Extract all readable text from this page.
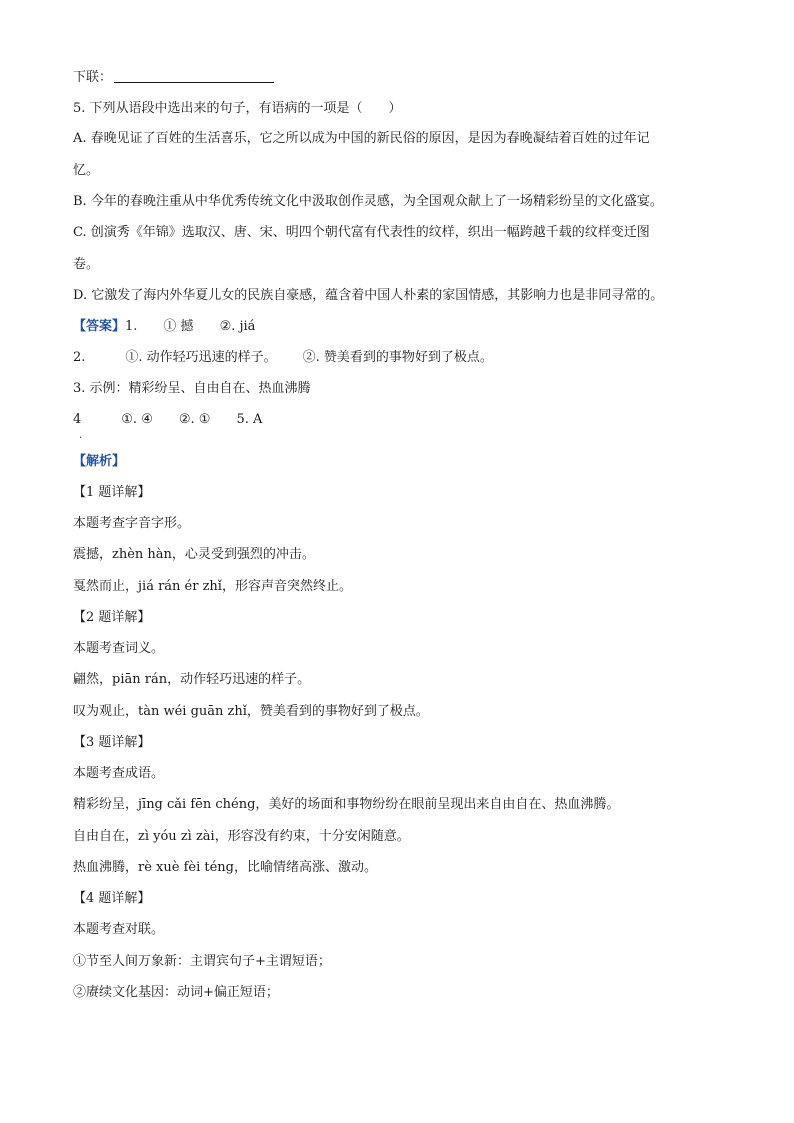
下联：
5. 下列从语段中选出来的句子，有语病的一项是（　　）
A. 春晚见证了百姓的生活喜乐，它之所以成为中国的新民俗的原因，是因为春晚凝结着百姓的过年记
忆。
B. 今年的春晚注重从中华优秀传统文化中汲取创作灵感，为全国观众献上了一场精彩纷呈的文化盛宴。
C. 创演秀《年锦》选取汉、唐、宋、明四个朝代富有代表性的纹样，织出一幅跨越千载的纹样变迁图
卷。
D. 它激发了海内外华夏儿女的民族自豪感，蕴含着中国人朴素的家国情感，其影响力也是非同寻常的。
【答案】1. ① 撼 ②. jiá
2.	①. 动作轻巧迅速的样子。 ②. 赞美看到的事物好到了极点。
3. 示例：精彩纷呈、自由自在、热血沸腾
4	①. ④ ②. ① 5. A
.
【解析】
【1 题详解】
本题考查字音字形。
震撼，zhèn hàn，心灵受到强烈的冲击。
戛然而止，jiá rán ér zhǐ，形容声音突然终止。
【2 题详解】
本题考查词义。
翩然，piān rán，动作轻巧迅速的样子。
叹为观止，tàn wéi guān zhǐ，赞美看到的事物好到了极点。
【3 题详解】
本题考查成语。
精彩纷呈，jīng cǎi fēn chéng，美好的场面和事物纷纷在眼前呈现出来自由自在、热血沸腾。
自由自在，zì yóu zì zài，形容没有约束，十分安闲随意。
热血沸腾，rè xuè fèi téng，比喻情绪高涨、激动。
【4 题详解】
本题考查对联。
①节至人间万象新：主谓宾句子+主谓短语；
②赓续文化基因：动词+偏正短语；
